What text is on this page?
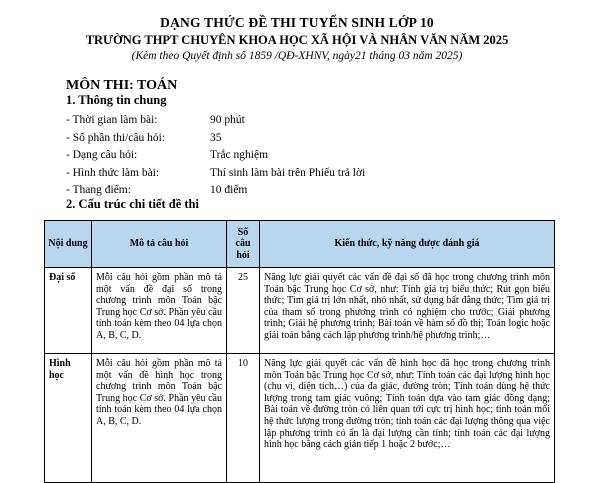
DẠNG THỨC ĐỀ THI TUYỂN SINH LỚP 10
TRƯỜNG THPT CHUYÊN KHOA HỌC XÃ HỘI VÀ NHÂN VĂN NĂM 2025
(Kèm theo Quyết định số 1859 /QĐ-XHNV, ngày21 tháng 03 năm 2025)
MÔN THI: TOÁN
1. Thông tin chung
- Thời gian làm bài:	90 phút
- Số phần thi/câu hỏi:	35
- Dạng câu hỏi:	Trắc nghiệm
- Hình thức làm bài:	Thí sinh làm bài trên Phiếu trả lời
- Thang điểm:	10 điểm
2. Cấu trúc chi tiết đề thi
Nội dung	Mô tả câu hỏi	Số câu hỏi	Kiến thức, kỹ năng được đánh giá
Đại số	Mỗi câu hỏi gồm phần mô tả một vấn đề đại số trong chương trình môn Toán bậc Trung học Cơ sở. Phần yêu cầu tính toán kèm theo 04 lựa chọn A, B, C, D.	25	Năng lực giải quyết các vấn đề đại số đã học trong chương trình môn Toán bậc Trung học Cơ sở, như: Tính giá trị biểu thức; Rút gọn biểu thức; Tìm giá trị lớn nhất, nhỏ nhất, sử dụng bất đẳng thức; Tìm giá trị của tham số trong phương trình có nghiệm cho trước; Giải phương trình; Giải hệ phương trình; Bài toán về hàm số đồ thị; Toán logic hoặc giải toán bằng cách lập phương trình/hệ phương trình;…
Hình học	Mỗi câu hỏi gồm phần mô tả một vấn đề hình học trong chương trình môn Toán bậc Trung học Cơ sở. Phần yêu cầu tính toán kèm theo 04 lựa chọn A, B, C, D.	10	Năng lực giải quyết các vấn đề hình học đã học trong chương trình môn Toán bậc Trung học Cơ sở, như: Tính toán các đại lượng hình học (chu vi, diện tích…) của đa giác, đường tròn; Tính toán dùng hệ thức lượng trong tam giác vuông; Tính toán dựa vào tam giác đồng dạng; Bài toán về đường tròn có liên quan tới cực trị hình học; tính toán mối hệ thức lượng trong đường tròn; tính toán các đại lượng thông qua việc lập phương trình có ẩn là đại lượng cần tính; tính toán các đại lượng hình học bằng cách gián tiếp 1 hoặc 2 bước;…
